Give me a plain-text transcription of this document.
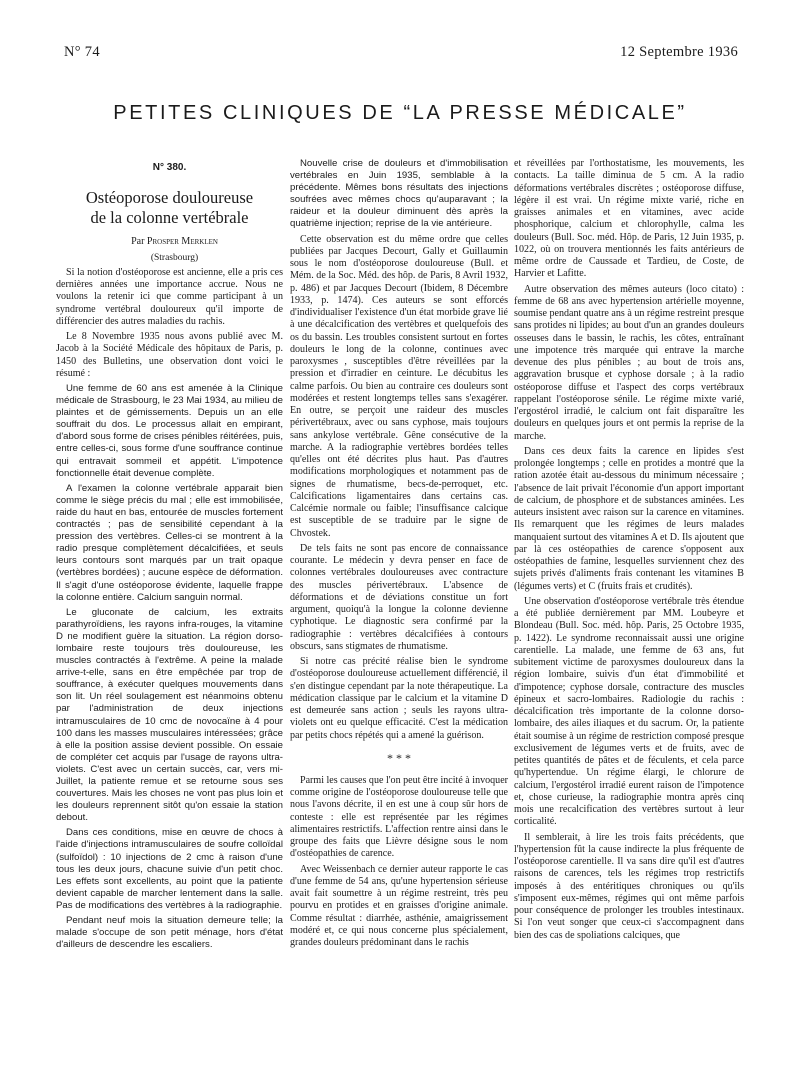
N° 74	12 Septembre 1936
PETITES CLINIQUES DE “LA PRESSE MÉDICALE”
N° 380.
Ostéoporose douloureuse
de la colonne vertébrale

Par Prosper Merklen

(Strasbourg)

Si la notion d'ostéoporose est ancienne, elle a pris ces dernières années une importance accrue. Nous ne voulons la retenir ici que comme participant à un syndrome vertébral douloureux qu'il importe de différencier des autres maladies du rachis.

Le 8 Novembre 1935 nous avons publié avec M. Jacob à la Société Médicale des hôpitaux de Paris, p. 1450 des Bulletins, une observation dont voici le résumé :

Une femme de 60 ans est amenée à la Clinique médicale de Strasbourg, le 23 Mai 1934, au milieu de plaintes et de gémissements. Depuis un an elle souffrait du dos. Le processus allait en empirant, d'abord sous forme de crises pénibles réitérées, puis, entre celles-ci, sous forme d'une souffrance continue qui entravait sommeil et appétit. L'impotence fonctionnelle était devenue complète.

A l'examen la colonne vertébrale apparait bien comme le siège précis du mal ; elle est immobilisée, raide du haut en bas, entourée de muscles fortement contractés ; pas de sensibilité cependant à la pression des vertèbres. Celles-ci se montrent à la radio presque complètement décalcifiées, et seuls leurs contours sont marqués par un trait opaque (vertèbres bordées) ; aucune espèce de déformation. Il s'agit d'une ostéoporose évidente, laquelle frappe la colonne entière. Calcium sanguin normal.

Le gluconate de calcium, les extraits parathyroïdiens, les rayons infra-rouges, la vitamine D ne modifient guère la situation. La région dorso-lombaire reste toujours très douloureuse, les muscles contractés à l'extrême. A peine la malade arrive-t-elle, sans en être empêchée par trop de souffrance, à exécuter quelques mouvements dans son lit. Un réel soulagement est néanmoins obtenu par l'administration de deux injections intramusculaires de 10 cmc de novocaïne à 4 pour 100 dans les masses musculaires intéressées; grâce à elle la position assise devient possible. On essaie de compléter cet acquis par l'usage de rayons ultra-violets. C'est avec un certain succès, car, vers mi-Juillet, la patiente remue et se retourne sous ses couvertures. Mais les choses ne vont pas plus loin et les douleurs reprennent sitôt qu'on essaie la station debout.

Dans ces conditions, mise en œuvre de chocs à l'aide d'injections intramusculaires de soufre colloïdal (sulfoïdol) : 10 injections de 2 cmc à raison d'une tous les deux jours, chacune suivie d'un petit choc. Les effets sont excellents, au point que la patiente devient capable de marcher lentement dans la salle. Pas de modifications des vertèbres à la radiographie.

Pendant neuf mois la situation demeure telle; la malade s'occupe de son petit ménage, hors d'état d'ailleurs de descendre les escaliers.

Nouvelle crise de douleurs et d'immobilisation vertébrales en Juin 1935, semblable à la précédente. Mêmes bons résultats des injections soufrées avec mêmes chocs qu'auparavant ; la raideur et la douleur diminuent dès après la quatrième injection; reprise de la vie antérieure.

Cette observation est du même ordre que celles publiées par Jacques Decourt, Gally et Guillaumin sous le nom d'ostéoporose douloureuse (Bull. et Mém. de la Soc. Méd. des hôp. de Paris, 8 Avril 1932, p. 486) et par Jacques Decourt (Ibidem, 8 Décembre 1933, p. 1474). Ces auteurs se sont efforcés d'individualiser l'existence d'un état morbide grave lié à une décalcification des vertèbres et quelquefois des os du bassin. Les troubles consistent surtout en fortes douleurs le long de la colonne, continues avec paroxysmes , susceptibles d'être réveillées par la pression et d'irradier en ceinture. Le décubitus les calme parfois. Ou bien au contraire ces douleurs sont modérées et restent longtemps telles sans s'exagérer. En outre, se perçoit une raideur des muscles périvertébraux, avec ou sans cyphose, mais toujours sans ankylose vertébrale. Gêne consécutive de la marche. A la radiographie vertèbres bordées telles qu'elles ont été décrites plus haut. Pas d'autres modifications morphologiques et notamment pas de signes de rhumatisme, becs-de-perroquet, etc. Calcifications ligamentaires dans certains cas. Calcémie normale ou faible; l'insuffisance calcique est susceptible de se traduire par le signe de Chvostek.

De tels faits ne sont pas encore de connaissance courante. Le médecin y devra penser en face de colonnes vertébrales douloureuses avec contracture des muscles périvertébraux. L'absence de déformations et de déviations constitue un fort argument, quoiqu'à la longue la colonne devienne cyphotique. Le diagnostic sera confirmé par la radiographie : vertèbres décalcifiées à contours obscurs, sans stigmates de rhumatisme.

Si notre cas précité réalise bien le syndrome d'ostéoporose douloureuse actuellement différencié, il s'en distingue cependant par la note thérapeutique. La médication classique par le calcium et la vitamine D est demeurée sans action ; seuls les rayons ultra-violets ont eu quelque efficacité. C'est la médication par petits chocs répétés qui a amené la guérison.

* * *

Parmi les causes que l'on peut être incité à invoquer comme origine de l'ostéoporose douloureuse telle que nous l'avons décrite, il en est une à coup sûr hors de conteste : elle est représentée par les régimes alimentaires restrictifs. L'affection rentre ainsi dans le groupe des faits que Lièvre désigne sous le nom d'ostéopathies de carence.

Avec Weissenbach ce dernier auteur rapporte le cas d'une femme de 54 ans, qu'une hypertension sérieuse avait fait soumettre à un régime restreint, très peu pourvu en protides et en graisses d'origine animale. Comme résultat : diarrhée, asthénie, amaigrissement modéré et, ce qui nous concerne plus spécialement, grandes douleurs prédominant dans le rachis

et réveillées par l'orthostatisme, les mouvements, les contacts. La taille diminua de 5 cm. A la radio déformations vertébrales discrètes ; ostéoporose diffuse, légère il est vrai. Un régime mixte varié, riche en graisses animales et en vitamines, avec acide phosphorique, calcium et chlorophylle, calma les douleurs (Bull. Soc. méd. Hôp. de Paris, 12 Juin 1935, p. 1022, où on trouvera mentionnés les faits antérieurs de même ordre de Caussade et Tardieu, de Coste, de Harvier et Lafitte.

Autre observation des mêmes auteurs (loco citato) : femme de 68 ans avec hypertension artérielle moyenne, soumise pendant quatre ans à un régime restreint presque sans protides ni lipides; au bout d'un an grandes douleurs osseuses dans le bassin, le rachis, les côtes, entraînant une impotence très marquée qui entrave la marche devenue des plus pénibles ; au bout de trois ans, aggravation brusque et cyphose dorsale ; à la radio ostéoporose diffuse et l'aspect des corps vertébraux rappelant l'ostéoporose sénile. Le régime mixte varié, l'ergostérol irradié, le calcium ont fait disparaître les douleurs en quelques jours et ont permis la reprise de la marche.

Dans ces deux faits la carence en lipides s'est prolongée longtemps ; celle en protides a montré que la ration azotée était au-dessous du minimum nécessaire ; l'absence de lait privait l'économie d'un apport important de calcium, de phosphore et de substances aminées. Les auteurs insistent avec raison sur la carence en vitamines. Ils remarquent que les régimes de leurs malades manquaient surtout des vitamines A et D. Ils ajoutent que par là ces ostéopathies de carence s'opposent aux ostéopathies de famine, lesquelles surviennent chez des sujets privés d'aliments frais contenant les vitamines B (légumes verts) et C (fruits frais et crudités).

Une observation d'ostéoporose vertébrale très étendue a été publiée dernièrement par MM. Loubeyre et Blondeau (Bull. Soc. méd. hôp. Paris, 25 Octobre 1935, p. 1422). Le syndrome reconnaissait aussi une origine carentielle. La malade, une femme de 63 ans, fut subitement victime de paroxysmes douloureux dans la région lombaire, suivis d'un état d'immobilité et d'impotence; cyphose dorsale, contracture des muscles épineux et sacro-lombaires. Radiologie du rachis : décalcification très importante de la colonne dorso-lombaire, des ailes iliaques et du sacrum. Or, la patiente était soumise à un régime de restriction composé presque exclusivement de légumes verts et de fruits, avec de petites quantités de pâtes et de féculents, et cela parce qu'hypertendue. Un régime élargi, le chlorure de calcium, l'ergostérol irradié eurent raison de l'impotence et, chose curieuse, la radiographie montra après cinq mois une recalcification des vertèbres surtout à leur corticalité.

Il semblerait, à lire les trois faits précédents, que l'hypertension fût la cause indirecte la plus fréquente de l'ostéoporose carentielle. Il va sans dire qu'il est d'autres raisons de carences, tels les régimes trop restrictifs imposés à des entéritiques chroniques ou qu'ils s'imposent eux-mêmes, régimes qui ont même parfois pour conséquence de prolonger les troubles intestinaux. Si l'on veut songer que ceux-ci s'accompagnent dans bien des cas de spoliations calciques, que
